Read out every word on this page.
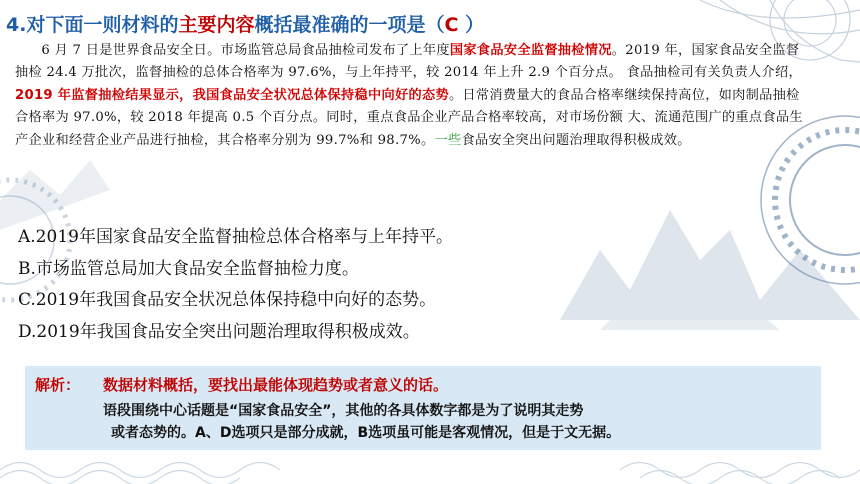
4.对下面一则材料的主要内容概括最准确的一项是（C ）
6 月 7 日是世界食品安全日。市场监管总局食品抽检司发布了上年度国家食品安全监督抽检情况。2019 年，国家食品安全监督抽检 24.4 万批次，监督抽检的总体合格率为 97.6%，与上年持平，较 2014 年上升 2.9 个百分点。 食品抽检司有关负责人介绍，2019 年监督抽检结果显示，我国食品安全状况总体保持稳中向好的态势。日常消费量大的食品合格率继续保持高位，如肉制品抽检合格率为 97.0%，较 2018 年提高 0.5 个百分点。同时，重点食品企业产品合格率较高，对市场份额 大、流通范围广的重点食品生产企业和经营企业产品进行抽检，其合格率分别为 99.7%和 98.7%。一些食品安全突出问题治理取得积极成效。
A.2019年国家食品安全监督抽检总体合格率与上年持平。
B.市场监管总局加大食品安全监督抽检力度。
C.2019年我国食品安全状况总体保持稳中向好的态势。
D.2019年我国食品安全突出问题治理取得积极成效。
解析： 数据材料概括，要找出最能体现趋势或者意义的话。
语段围绕中心话题是“国家食品安全”，其他的各具体数字都是为了说明其走势
或者态势的。A、D选项只是部分成就，B选项虽可能是客观情况，但是于文无据。
